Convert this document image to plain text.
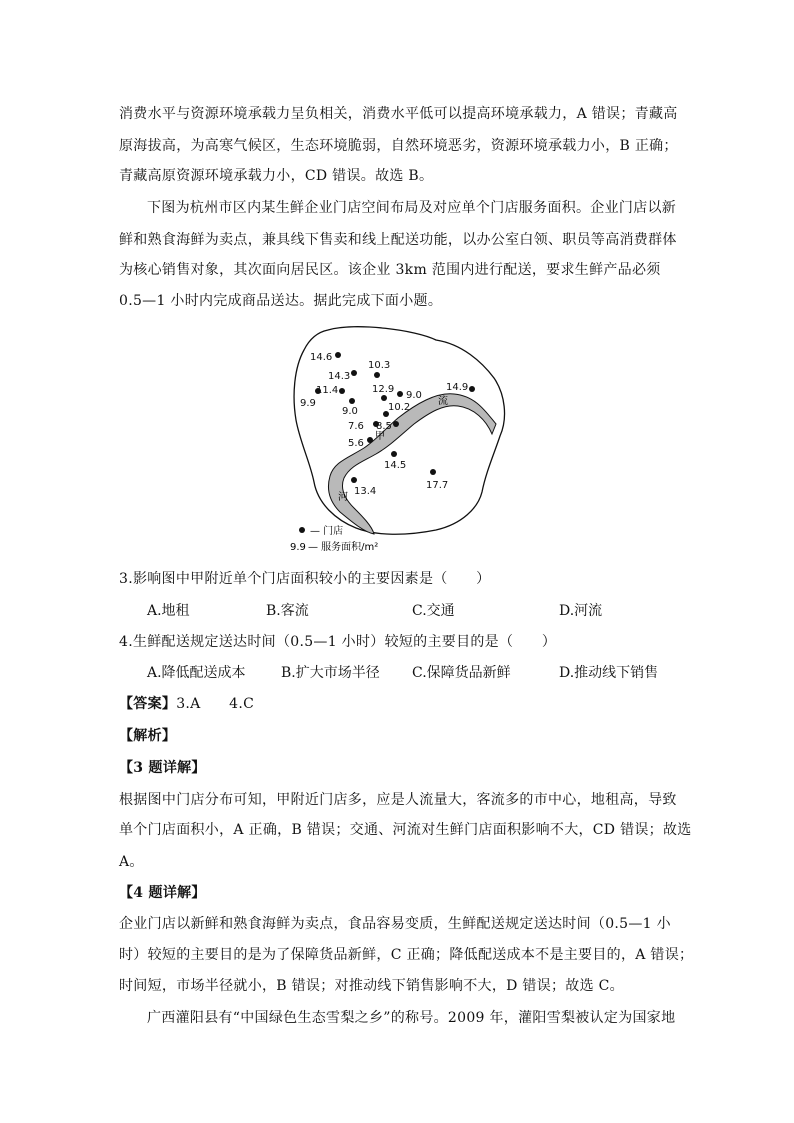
消费水平与资源环境承载力呈负相关，消费水平低可以提高环境承载力，A 错误；青藏高
原海拔高，为高寒气候区，生态环境脆弱，自然环境恶劣，资源环境承载力小，B 正确；
青藏高原资源环境承载力小，CD 错误。故选 B。
下图为杭州市区内某生鲜企业门店空间布局及对应单个门店服务面积。企业门店以新
鲜和熟食海鲜为卖点，兼具线下售卖和线上配送功能，以办公室白领、职员等高消费群体
为核心销售对象，其次面向居民区。该企业 3km 范围内进行配送，要求生鲜产品必须
0.5—1 小时内完成商品送达。据此完成下面小题。
14.6
10.3
14.3
12.9
11.4
9.9
9.0
9.0	10.2
7.6 8.5
5.6
14.5
17.7
13.4
14.9
甲
流
河
— 门店
9.9 — 服务面积/m²
3.影响图中甲附近单个门店面积较小的主要因素是（　　）
A.地租	B.客流	C.交通	D.河流
4.生鲜配送规定送达时间（0.5—1 小时）较短的主要目的是（　　）
A.降低配送成本	B.扩大市场半径 C.保障货品新鲜	D.推动线下销售
【答案】3.A　　4.C
【解析】
【3 题详解】
根据图中门店分布可知，甲附近门店多，应是人流量大，客流多的市中心，地租高，导致
单个门店面积小，A 正确，B 错误；交通、河流对生鲜门店面积影响不大，CD 错误；故选
A。
【4 题详解】
企业门店以新鲜和熟食海鲜为卖点，食品容易变质，生鲜配送规定送达时间（0.5—1 小
时）较短的主要目的是为了保障货品新鲜，C 正确；降低配送成本不是主要目的，A 错误；
时间短，市场半径就小，B 错误；对推动线下销售影响不大，D 错误；故选 C。
广西灌阳县有“中国绿色生态雪梨之乡”的称号。2009 年，灌阳雪梨被认定为国家地
